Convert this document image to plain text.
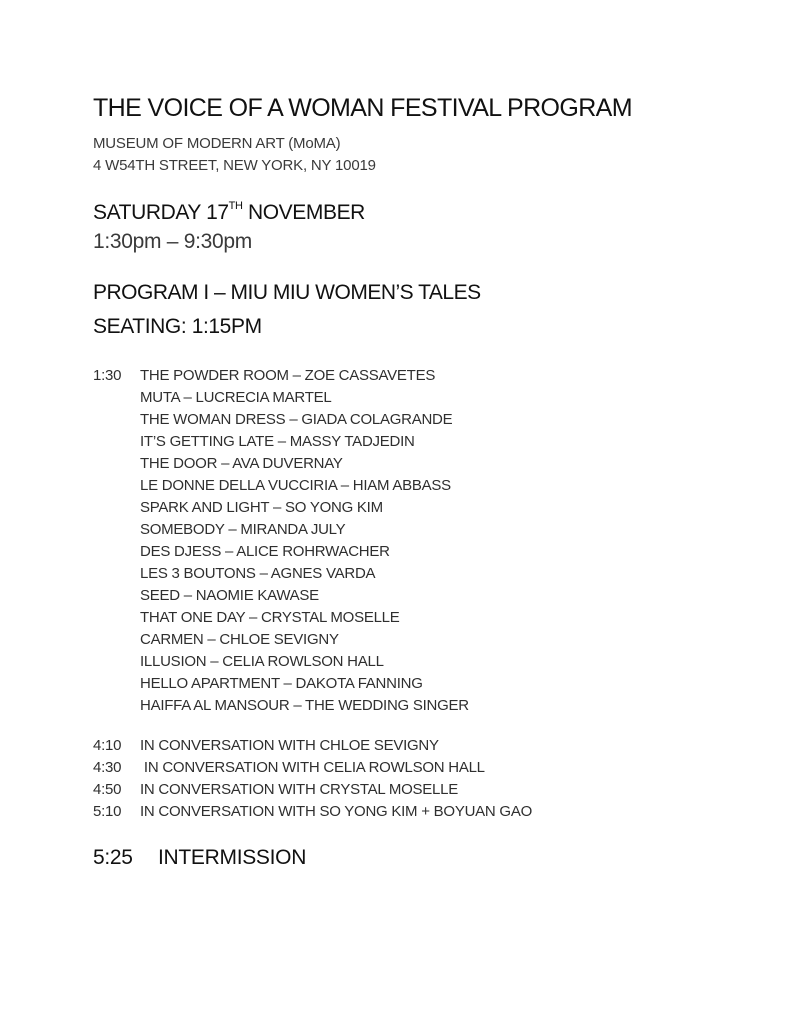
THE VOICE OF A WOMAN FESTIVAL PROGRAM
MUSEUM OF MODERN ART (MoMA)
4 W54TH STREET, NEW YORK, NY 10019
SATURDAY 17TH NOVEMBER
1:30pm – 9:30pm
PROGRAM I – MIU MIU WOMEN’S TALES
SEATING: 1:15PM
1:30	THE POWDER ROOM – ZOE CASSAVETES
MUTA – LUCRECIA MARTEL
THE WOMAN DRESS – GIADA COLAGRANDE
IT’S GETTING LATE – MASSY TADJEDIN
THE DOOR – AVA DUVERNAY
LE DONNE DELLA VUCCIRIA – HIAM ABBASS
SPARK AND LIGHT – SO YONG KIM
SOMEBODY – MIRANDA JULY
DES DJESS – ALICE ROHRWACHER
LES 3 BOUTONS – AGNES VARDA
SEED – NAOMIE KAWASE
THAT ONE DAY – CRYSTAL MOSELLE
CARMEN – CHLOE SEVIGNY
ILLUSION – CELIA ROWLSON HALL
HELLO APARTMENT – DAKOTA FANNING
HAIFFA AL MANSOUR – THE WEDDING SINGER
4:10	IN CONVERSATION WITH CHLOE SEVIGNY
4:30	IN CONVERSATION WITH CELIA ROWLSON HALL
4:50	IN CONVERSATION WITH CRYSTAL MOSELLE
5:10	IN CONVERSATION WITH SO YONG KIM + BOYUAN GAO
5:25	INTERMISSION
